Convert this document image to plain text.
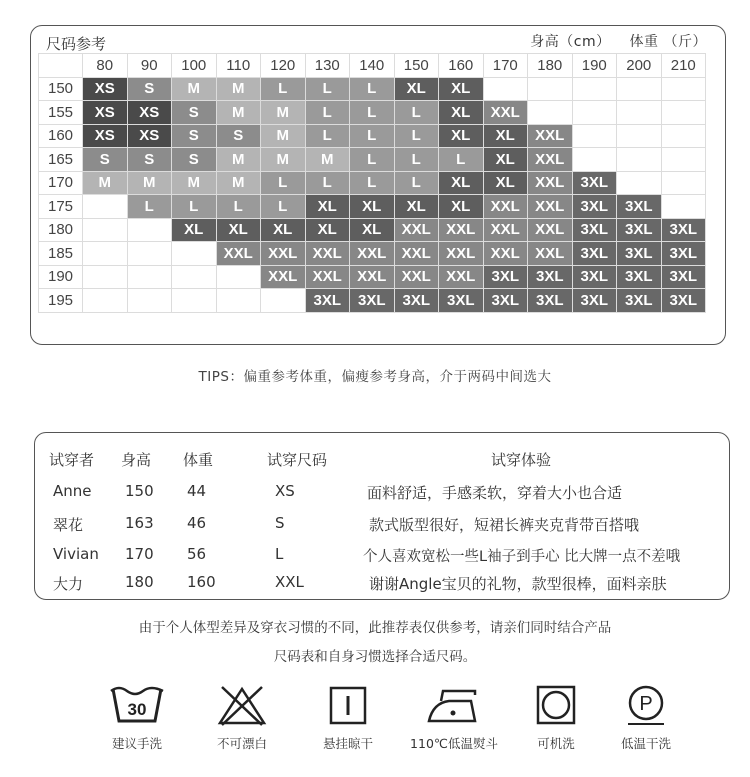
尺码参考	身高（cm） 体重 （斤）
	80	90	100	110	120	130	140	150	160	170	180	190	200	210
150	XS	S	M	M	L	L	L	XL	XL					
155	XS	XS	S	M	M	L	L	L	XL	XXL				
160	XS	XS	S	S	M	L	L	L	XL	XL	XXL			
165	S	S	S	M	M	M	L	L	L	XL	XXL			
170	M	M	M	M	L	L	L	L	XL	XL	XXL	3XL		
175		L	L	L	L	XL	XL	XL	XL	XXL	XXL	3XL	3XL	
180			XL	XL	XL	XL	XL	XXL	XXL	XXL	XXL	3XL	3XL	3XL
185				XXL	XXL	XXL	XXL	XXL	XXL	XXL	XXL	3XL	3XL	3XL
190					XXL	XXL	XXL	XXL	XXL	3XL	3XL	3XL	3XL	3XL
195						3XL	3XL	3XL	3XL	3XL	3XL	3XL	3XL	3XL
TIPS：偏重参考体重，偏瘦参考身高，介于两码中间选大
试穿者 身高 体重	试穿尺码	试穿体验
Anne 150 44	XS	面料舒适，手感柔软，穿着大小也合适
翠花	163 46	S	款式版型很好，短裙长裤夹克背带百搭哦
Vivian 170 56	L	个人喜欢宽松一些L袖子到手心 比大牌一点不差哦
大力	180 160	XXL	谢谢Angle宝贝的礼物，款型很棒，面料亲肤
由于个人体型差异及穿衣习惯的不同，此推荐表仅供参考，请亲们同时结合产品
尺码表和自身习惯选择合适尺码。
30
建议手洗	不可漂白	悬挂晾干	110℃低温熨斗	可机洗
P
低温干洗
